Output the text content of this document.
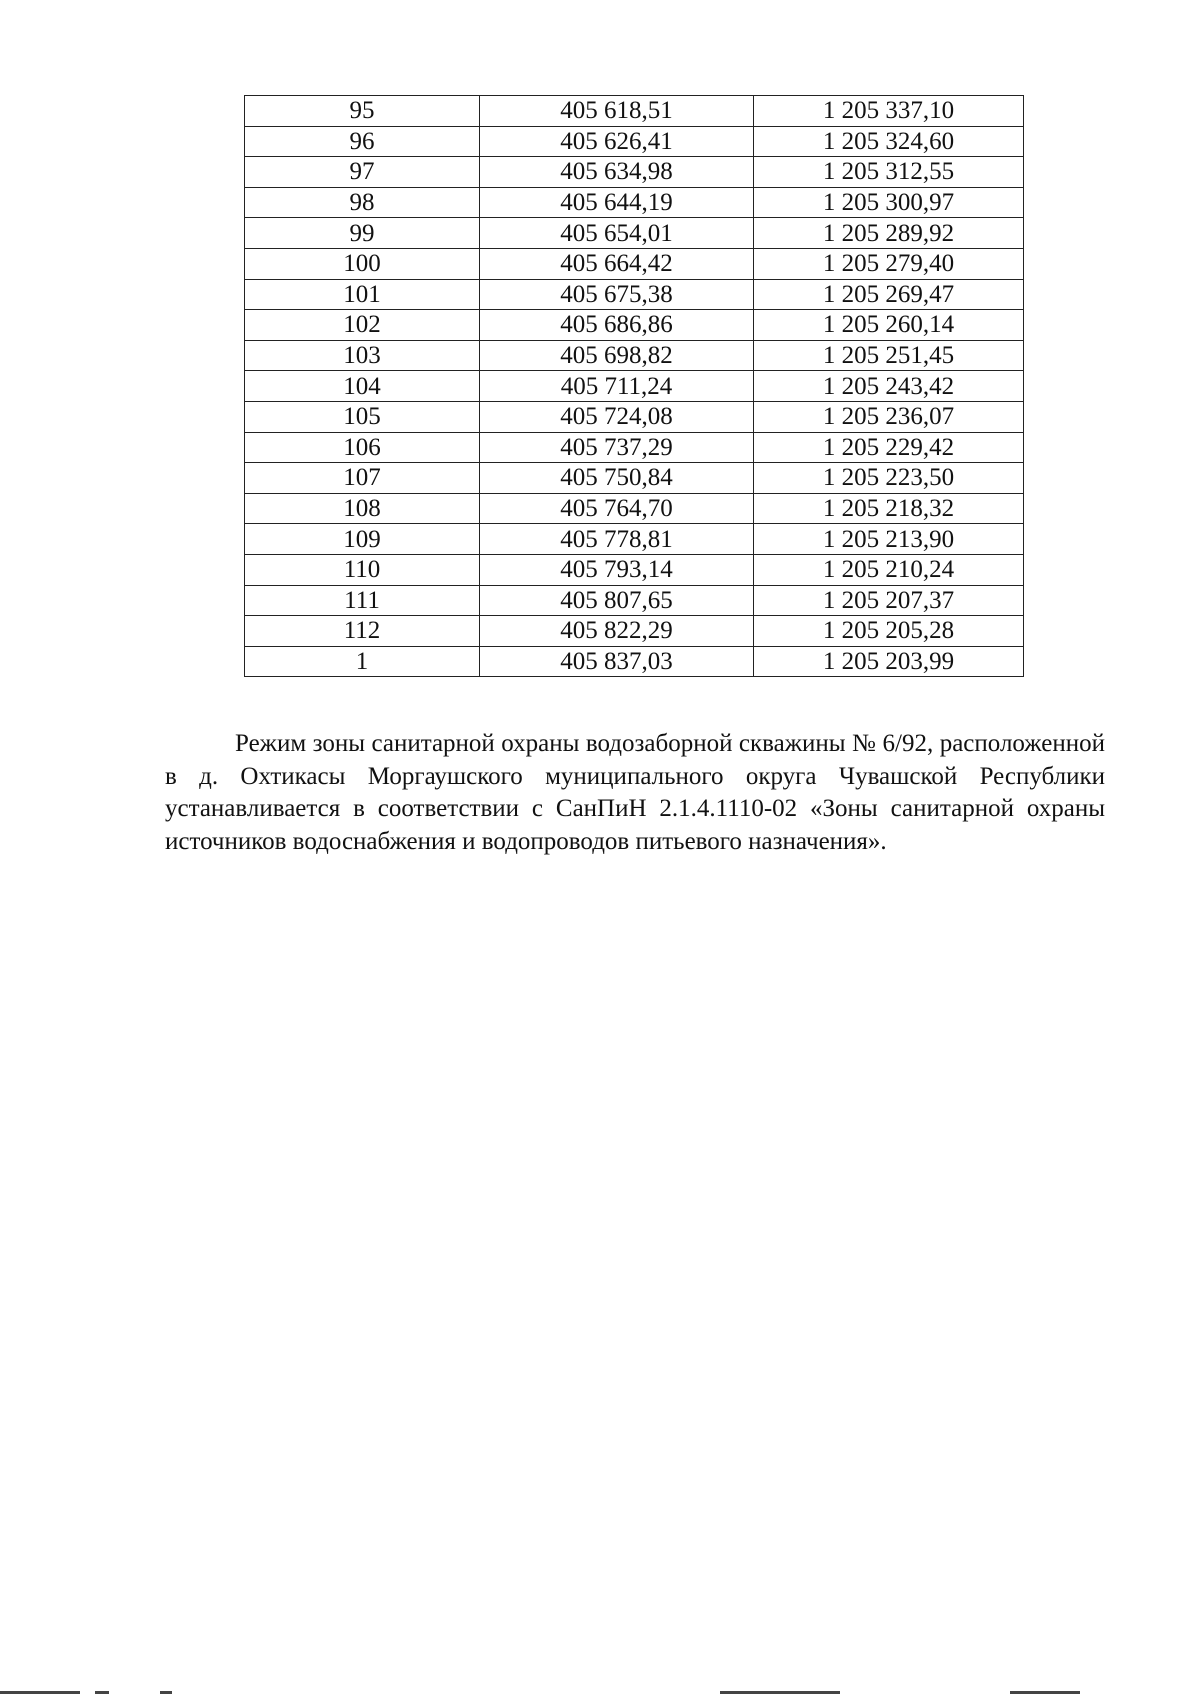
95	405 618,51	1 205 337,10
96	405 626,41	1 205 324,60
97	405 634,98	1 205 312,55
98	405 644,19	1 205 300,97
99	405 654,01	1 205 289,92
100	405 664,42	1 205 279,40
101	405 675,38	1 205 269,47
102	405 686,86	1 205 260,14
103	405 698,82	1 205 251,45
104	405 711,24	1 205 243,42
105	405 724,08	1 205 236,07
106	405 737,29	1 205 229,42
107	405 750,84	1 205 223,50
108	405 764,70	1 205 218,32
109	405 778,81	1 205 213,90
110	405 793,14	1 205 210,24
111	405 807,65	1 205 207,37
112	405 822,29	1 205 205,28
1	405 837,03	1 205 203,99

Режим зоны санитарной охраны водозаборной скважины № 6/92, расположенной в д. Охтикасы Моргаушского муниципального округа Чувашской Республики устанавливается в соответствии с СанПиН 2.1.4.1110-02 «Зоны санитарной охраны источников водоснабжения и водопроводов питьевого назначения».
